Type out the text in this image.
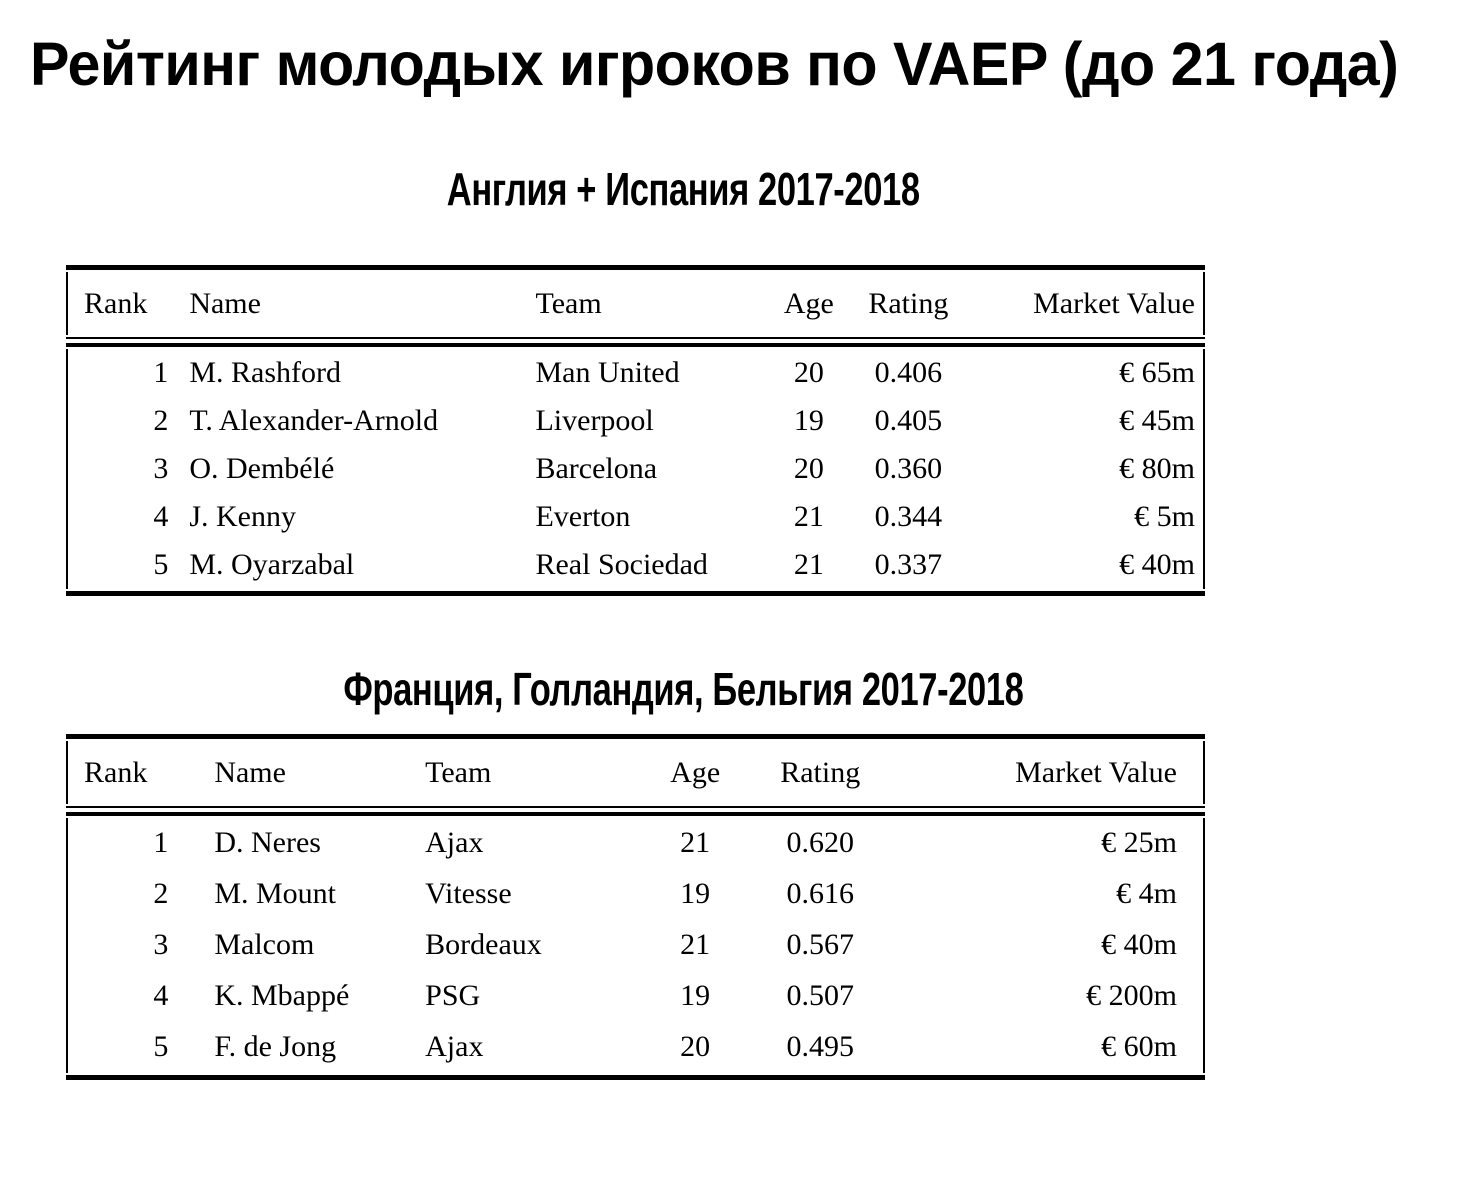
Рейтинг молодых игроков по VAEP (до 21 года)
Англия + Испания 2017-2018
Rank	Name	Team	Age	Rating	Market Value
1	M. Rashford	Man United	20	0.406	€ 65m
2	T. Alexander-Arnold	Liverpool	19	0.405	€ 45m
3	O. Dembélé	Barcelona	20	0.360	€ 80m
4	J. Kenny	Everton	21	0.344	€ 5m
5	M. Oyarzabal	Real Sociedad	21	0.337	€ 40m
Франция, Голландия, Бельгия 2017-2018
Rank	Name	Team	Age	Rating	Market Value
1	D. Neres	Ajax	21	0.620	€ 25m
2	M. Mount	Vitesse	19	0.616	€ 4m
3	Malcom	Bordeaux	21	0.567	€ 40m
4	K. Mbappé	PSG	19	0.507	€ 200m
5	F. de Jong	Ajax	20	0.495	€ 60m
